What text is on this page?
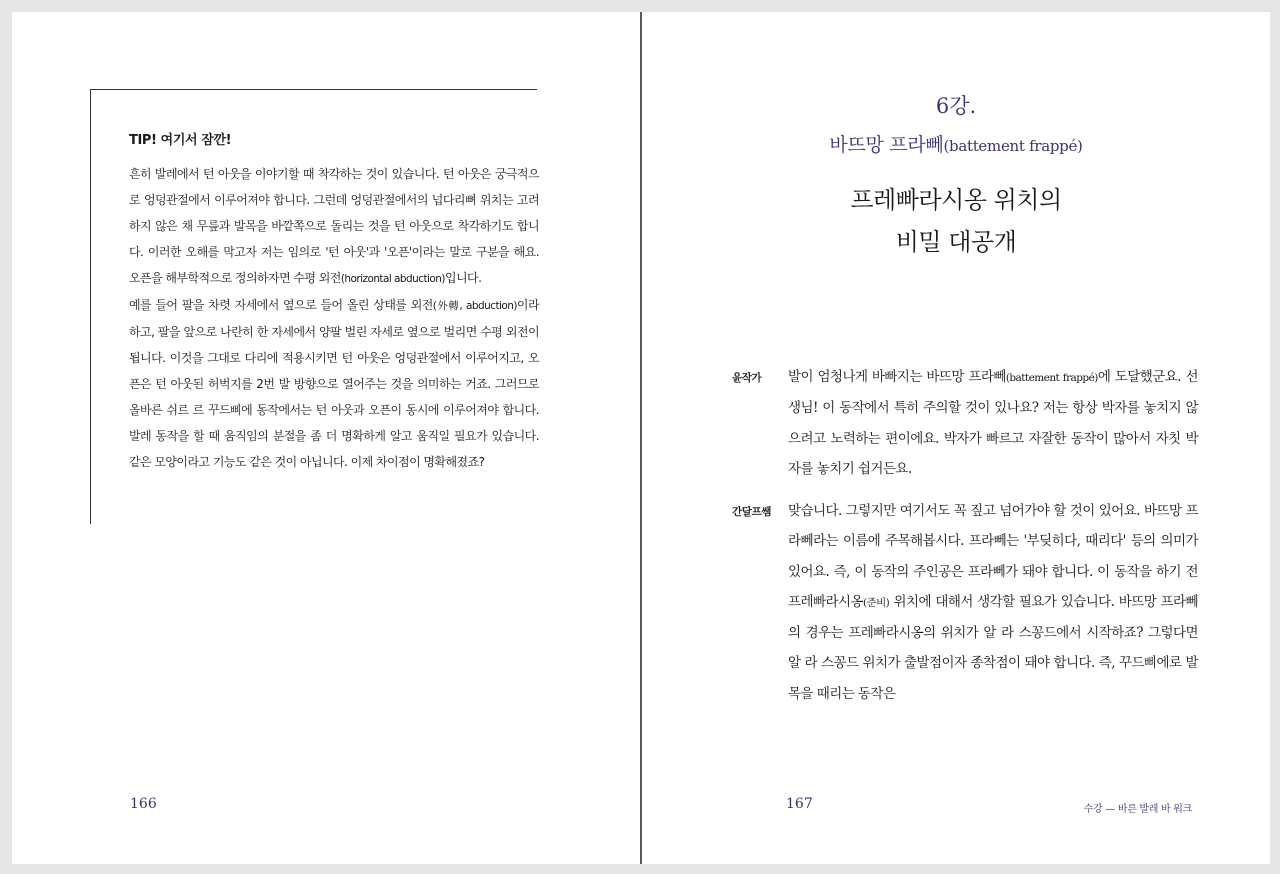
TIP! 여기서 잠깐!

흔히 발레에서 턴 아웃을 이야기할 때 착각하는 것이 있습니다. 턴 아웃은 궁극적으로 엉덩관절에서 이루어져야 합니다. 그런데 엉덩관절에서의 넙다리뼈 위치는 고려하지 않은 채 무릎과 발목을 바깥쪽으로 돌리는 것을 턴 아웃으로 착각하기도 합니다. 이러한 오해를 막고자 저는 임의로 '턴 아웃'과 '오픈'이라는 말로 구분을 해요. 오픈을 해부학적으로 정의하자면 수평 외전(horizontal abduction)입니다.

예를 들어 팔을 차렷 자세에서 옆으로 들어 올린 상태를 외전(外轉, abduction)이라 하고, 팔을 앞으로 나란히 한 자세에서 양팔 벌린 자세로 옆으로 벌리면 수평 외전이 됩니다. 이것을 그대로 다리에 적용시키면 턴 아웃은 엉덩관절에서 이루어지고, 오픈은 턴 아웃된 허벅지를 2번 발 방향으로 열어주는 것을 의미하는 거죠. 그러므로 올바른 쉬르 르 꾸드삐에 동작에서는 턴 아웃과 오픈이 동시에 이루어져야 합니다. 발레 동작을 할 때 움직임의 분절을 좀 더 명확하게 알고 움직일 필요가 있습니다. 같은 모양이라고 기능도 같은 것이 아닙니다. 이제 차이점이 명확해졌죠?

166
6강.
바뜨망 프라뻬(battement frappé)
프레빠라시옹 위치의
비밀 대공개
윤작가 발이 엄청나게 바빠지는 바뜨망 프라뻬(battement frappé)에 도달했군요. 선생님! 이 동작에서 특히 주의할 것이 있나요? 저는 항상 박자를 놓치지 않으려고 노력하는 편이에요. 박자가 빠르고 자잘한 동작이 많아서 자칫 박자를 놓치기 쉽거든요.

간달프쌤 맞습니다. 그렇지만 여기서도 꼭 짚고 넘어가야 할 것이 있어요. 바뜨망 프라뻬라는 이름에 주목해봅시다. 프라뻬는 '부딪히다, 때리다' 등의 의미가 있어요. 즉, 이 동작의 주인공은 프라뻬가 돼야 합니다. 이 동작을 하기 전 프레빠라시옹(준비) 위치에 대해서 생각할 필요가 있습니다. 바뜨망 프라뻬의 경우는 프레빠라시옹의 위치가 알 라 스꽁드에서 시작하죠? 그렇다면 알 라 스꽁드 위치가 출발점이자 종착점이 돼야 합니다. 즉, 꾸드삐에로 발목을 때리는 동작은

167	수강 — 바른 발레 바 워크
